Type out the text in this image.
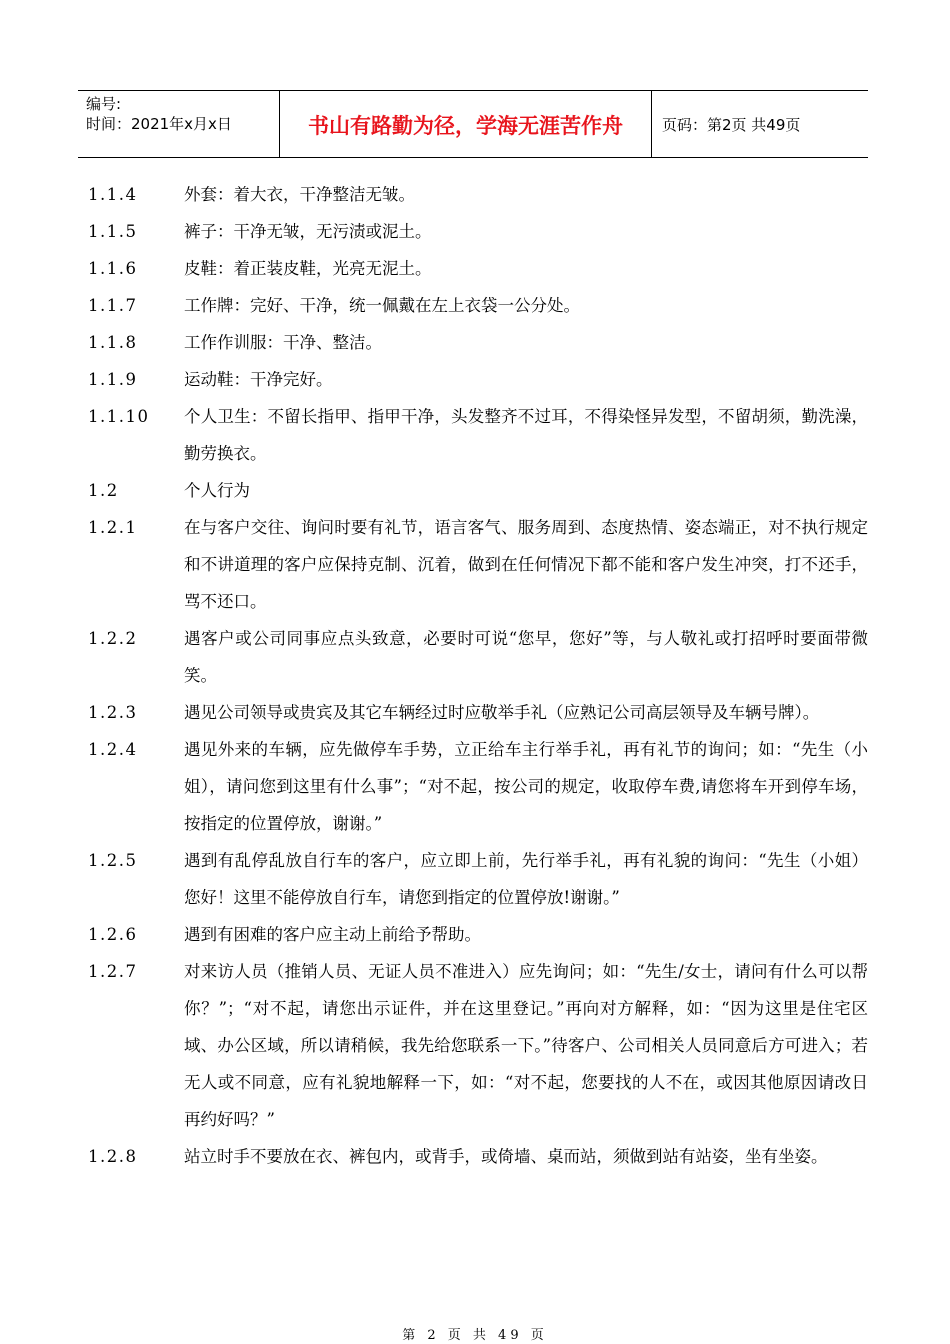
编号:
时间：2021年x月x日	书山有路勤为径，学海无涯苦作舟	页码：第2页 共49页
1.1.4	外套：着大衣，干净整洁无皱。
1.1.5	裤子：干净无皱，无污渍或泥土。
1.1.6	皮鞋：着正装皮鞋，光亮无泥土。
1.1.7	工作牌：完好、干净，统一佩戴在左上衣袋一公分处。
1.1.8	工作作训服：干净、整洁。
1.1.9	运动鞋：干净完好。
1.1.10	个人卫生：不留长指甲、指甲干净，头发整齐不过耳，不得染怪异发型，不留胡须，勤洗澡，勤劳换衣。
1.2	个人行为
1.2.1	在与客户交往、询问时要有礼节，语言客气、服务周到、态度热情、姿态端正，对不执行规定和不讲道理的客户应保持克制、沉着，做到在任何情况下都不能和客户发生冲突，打不还手，骂不还口。
1.2.2	遇客户或公司同事应点头致意，必要时可说“您早，您好”等，与人敬礼或打招呼时要面带微笑。
1.2.3	遇见公司领导或贵宾及其它车辆经过时应敬举手礼（应熟记公司高层领导及车辆号牌）。
1.2.4	遇见外来的车辆，应先做停车手势，立正给车主行举手礼，再有礼节的询问；如：“先生（小姐），请问您到这里有什么事”；“对不起，按公司的规定，收取停车费,请您将车开到停车场，按指定的位置停放，谢谢。”
1.2.5	遇到有乱停乱放自行车的客户，应立即上前，先行举手礼，再有礼貌的询问：“先生（小姐）您好！这里不能停放自行车，请您到指定的位置停放!谢谢。”
1.2.6	遇到有困难的客户应主动上前给予帮助。
1.2.7	对来访人员（推销人员、无证人员不准进入）应先询问；如：“先生/女士，请问有什么可以帮你？”；“对不起，请您出示证件，并在这里登记。”再向对方解释，如：“因为这里是住宅区域、办公区域，所以请稍候，我先给您联系一下。”待客户、公司相关人员同意后方可进入；若无人或不同意，应有礼貌地解释一下，如：“对不起，您要找的人不在，或因其他原因请改日再约好吗？”
1.2.8	站立时手不要放在衣、裤包内，或背手，或倚墙、桌而站，须做到站有站姿，坐有坐姿。
第 2 页 共 49 页
